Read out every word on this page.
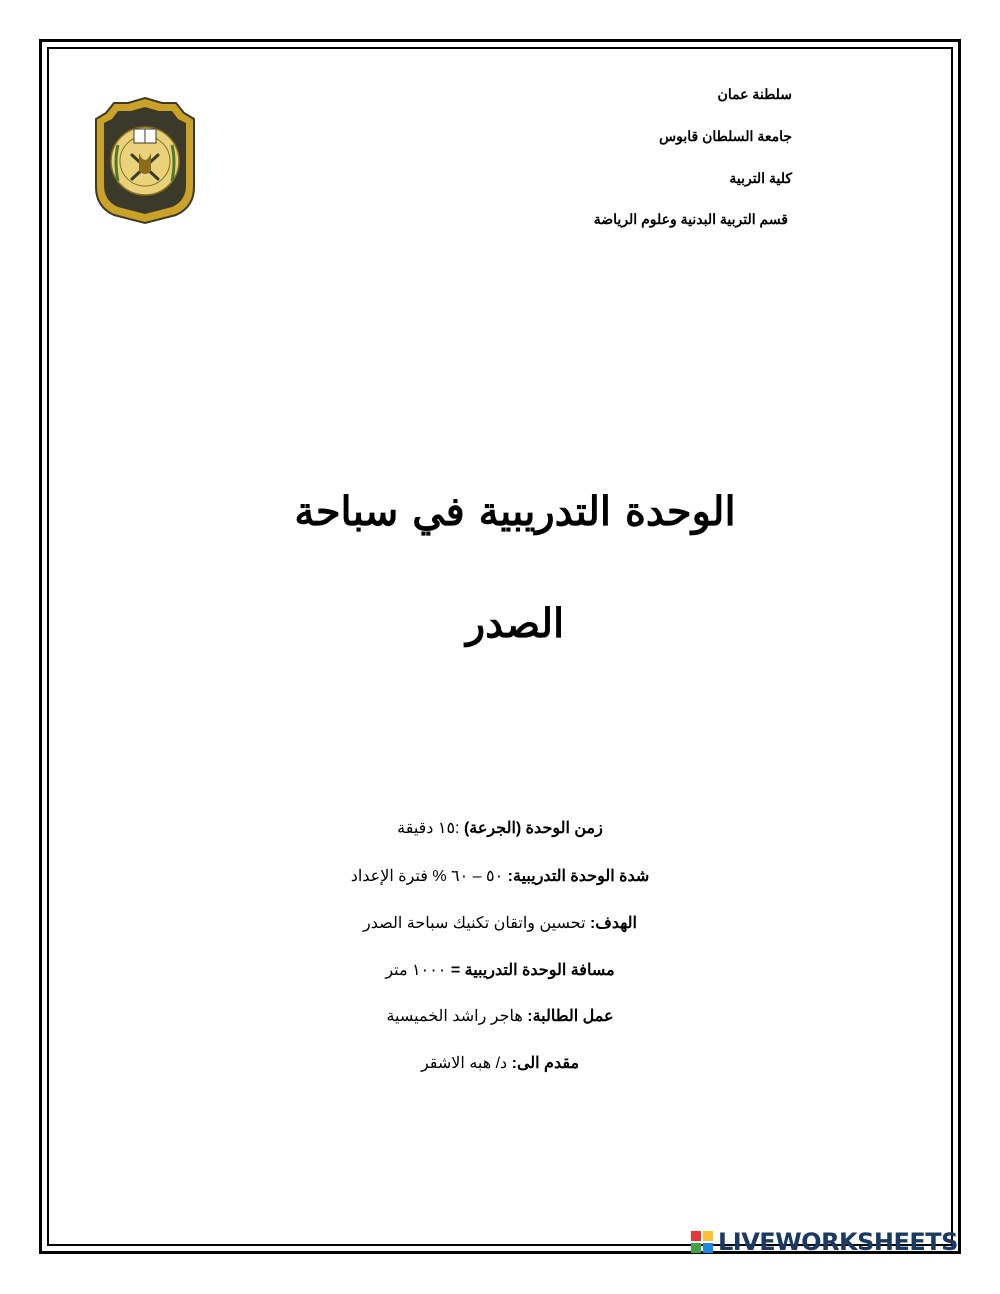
سلطنة عمان
جامعة السلطان قابوس
كلية التربية
قسم التربية البدنية وعلوم الرياضة
الوحدة التدريبية في سباحة
الصدر
زمن الوحدة (الجرعة) :١٥ دقيقة
شدة الوحدة التدريبية: ٥٠ – ٦٠ % فترة الإعداد
الهدف: تحسين واتقان تكنيك سباحة الصدر
مسافة الوحدة التدريبية = ١٠٠٠ متر
عمل الطالبة: هاجر راشد الخميسية
مقدم الى: د/ هبه الاشقر
LIVEWORKSHEETS
